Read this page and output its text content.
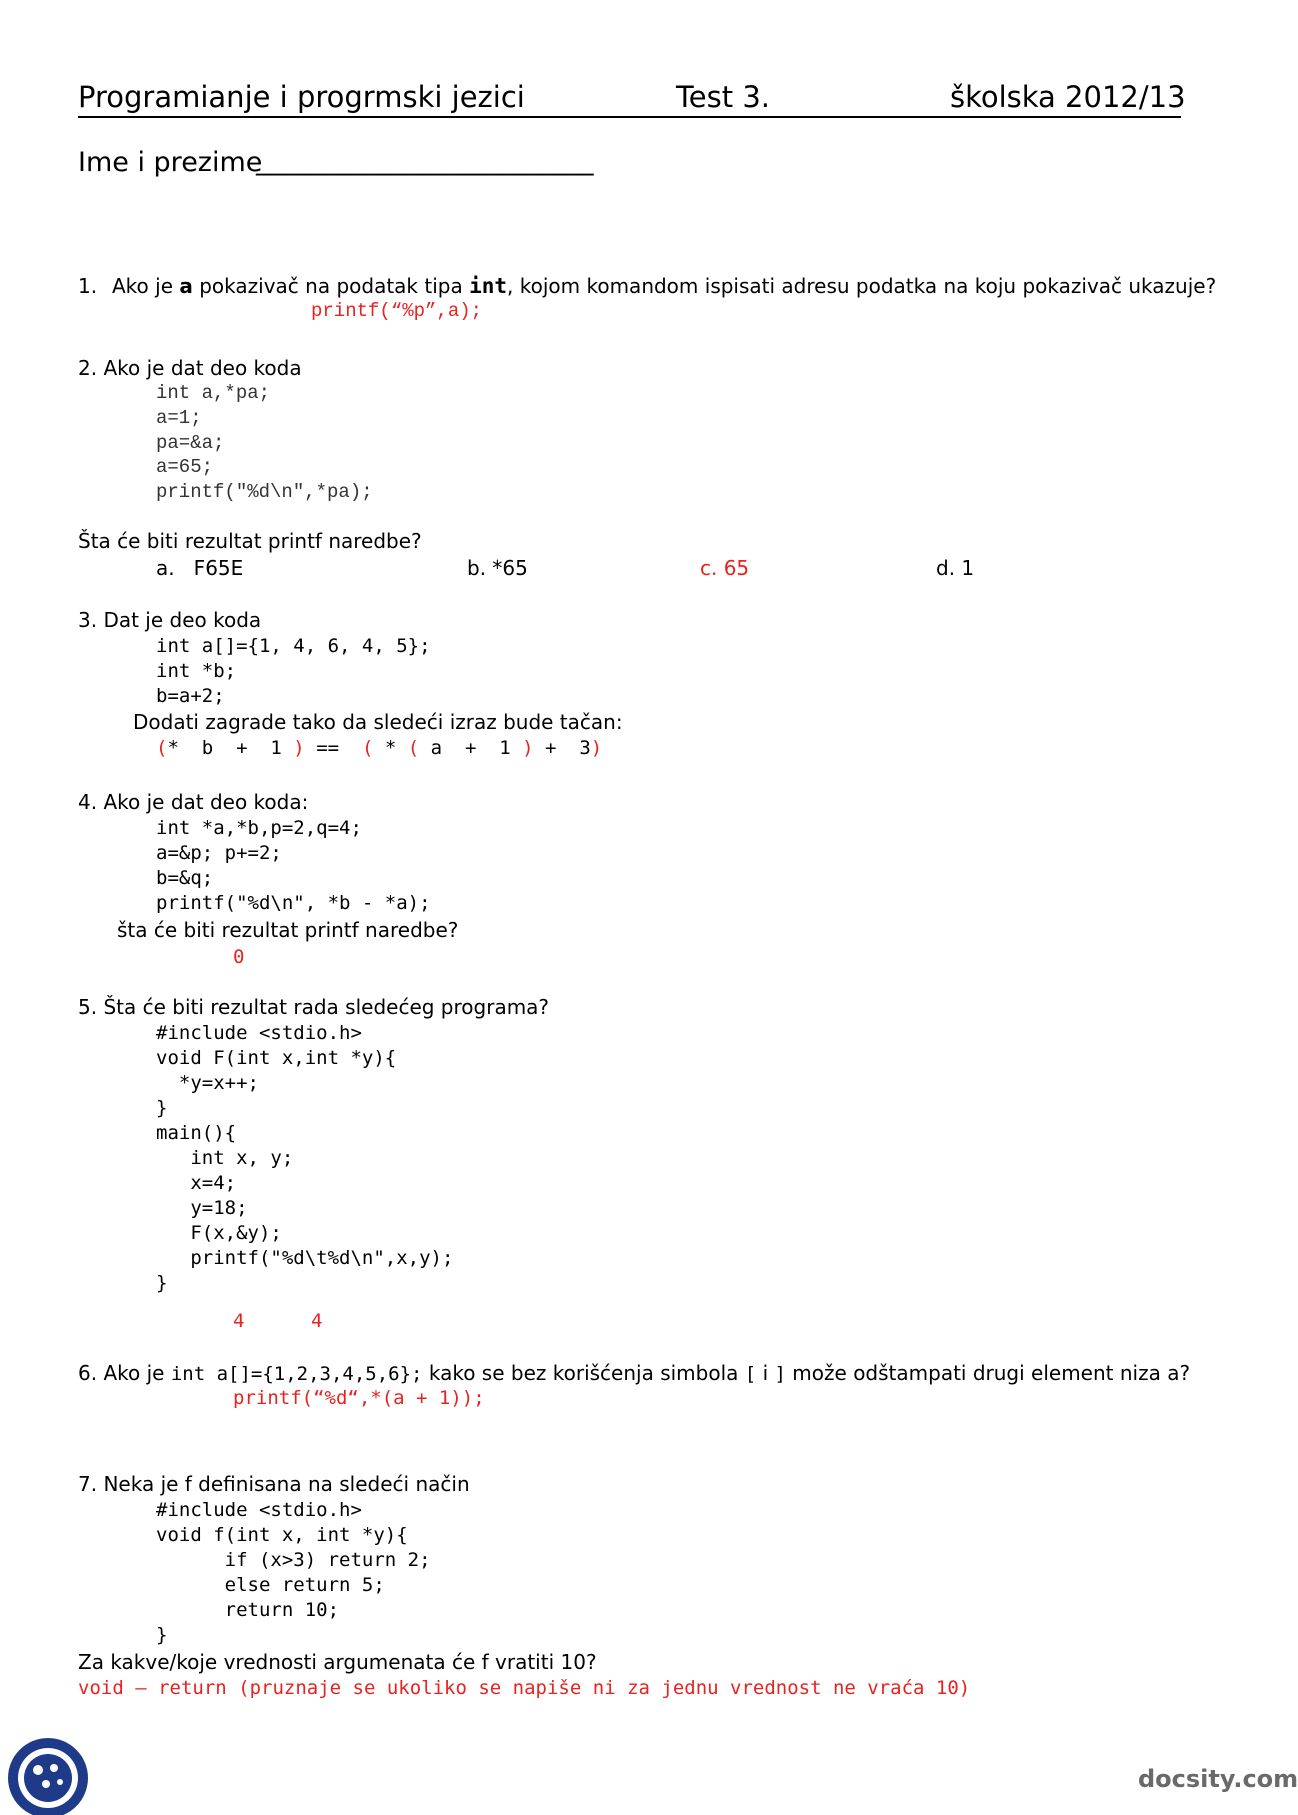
Programianje i progrmski jezici	Test 3.	školska 2012/13
Ime i prezime
_________________________
1. Ako je a pokazivač na podatak tipa int, kojom komandom ispisati adresu podatka na koju pokazivač ukazuje?
printf(“%p”,a);
2. Ako je dat deo koda
int a,*pa;
a=1;
pa=&a;
a=65;
printf("%d\n",*pa);
Šta će biti rezultat printf naredbe?
a.   F65E	b. *65	c. 65	d. 1
3. Dat je deo koda
int a[]={1, 4, 6, 4, 5};
int *b;
b=a+2;
Dodati zagrade tako da sledeći izraz bude tačan:
(*  b  +  1 ) ==  ( * ( a  +  1 ) +  3)
4. Ako je dat deo koda:
int *a,*b,p=2,q=4;
a=&p; p+=2;
b=&q;
printf("%d\n", *b - *a);
šta će biti rezultat printf naredbe?
0
5. Šta će biti rezultat rada sledećeg programa?
#include <stdio.h>
void F(int x,int *y){
*y=x++;
}
main(){
int x, y;
x=4;
y=18;
F(x,&y);
printf("%d\t%d\n",x,y);
}
4	4
6. Ako je int a[]={1,2,3,4,5,6}; kako se bez korišćenja simbola [ i ] može odštampati drugi element niza a?
printf(“%d“,*(a + 1));
7. Neka je f definisana na sledeći način
#include <stdio.h>
void f(int x, int *y){
if (x>3) return 2;
else return 5;
return 10;
}
Za kakve/koje vrednosti argumenata će f vratiti 10?
void – return (pruznaje se ukoliko se napiše ni za jednu vrednost ne vraća 10)
docsity.com
